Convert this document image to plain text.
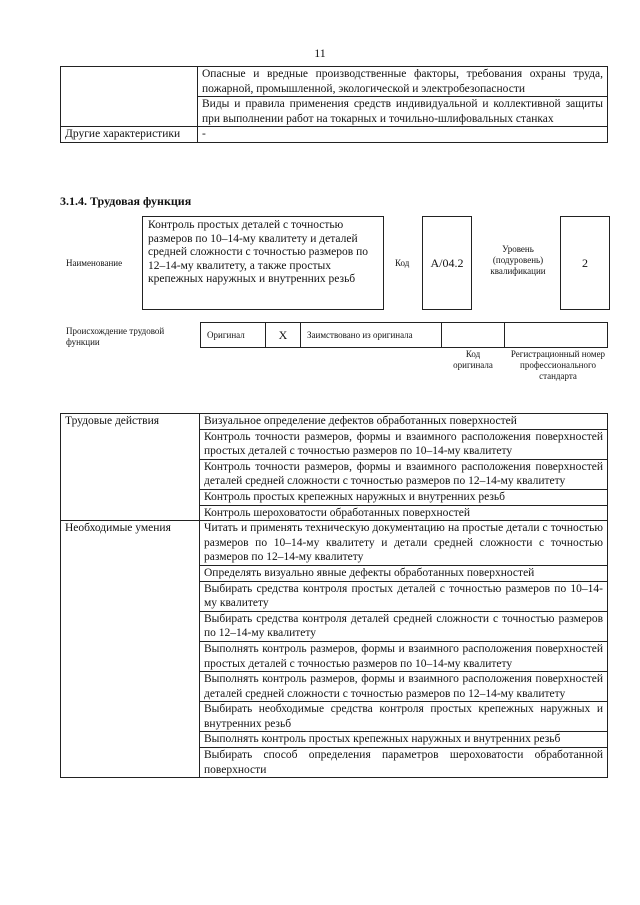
11
	Опасные и вредные производственные факторы, требования охраны труда, пожарной, промышленной, экологической и электробезопасности
	Виды и правила применения средств индивидуальной и коллективной защиты при выполнении работ на токарных и точильно-шлифовальных станках
Другие характеристики	-
3.1.4. Трудовая функция
Наименование
Контроль простых деталей с точностью размеров по 10–14-му квалитету и деталей средней сложности с точностью размеров по 12–14-му квалитету, а также простых крепежных наружных и внутренних резьб
Код А/04.2
Уровень (подуровень) квалификации
2
Происхождение трудовой функции
Оригинал	X	Заимствовано из оригинала		
Код оригинала
Регистрационный номер профессионального стандарта
Трудовые действия	Визуальное определение дефектов обработанных поверхностей
	Контроль точности размеров, формы и взаимного расположения поверхностей простых деталей с точностью размеров по 10–14-му квалитету
	Контроль точности размеров, формы и взаимного расположения поверхностей деталей средней сложности с точностью размеров по 12–14-му квалитету
	Контроль простых крепежных наружных и внутренних резьб
	Контроль шероховатости обработанных поверхностей
Необходимые умения	Читать и применять техническую документацию на простые детали с точностью размеров по 10–14-му квалитету и детали средней сложности с точностью размеров по 12–14-му квалитету
	Определять визуально явные дефекты обработанных поверхностей
	Выбирать средства контроля простых деталей с точностью размеров по 10–14-му квалитету
	Выбирать средства контроля деталей средней сложности с точностью размеров по 12–14-му квалитету
	Выполнять контроль размеров, формы и взаимного расположения поверхностей простых деталей с точностью размеров по 10–14-му квалитету
	Выполнять контроль размеров, формы и взаимного расположения поверхностей деталей средней сложности с точностью размеров по 12–14-му квалитету
	Выбирать необходимые средства контроля простых крепежных наружных и внутренних резьб
	Выполнять контроль простых крепежных наружных и внутренних резьб
	Выбирать способ определения параметров шероховатости обработанной поверхности
